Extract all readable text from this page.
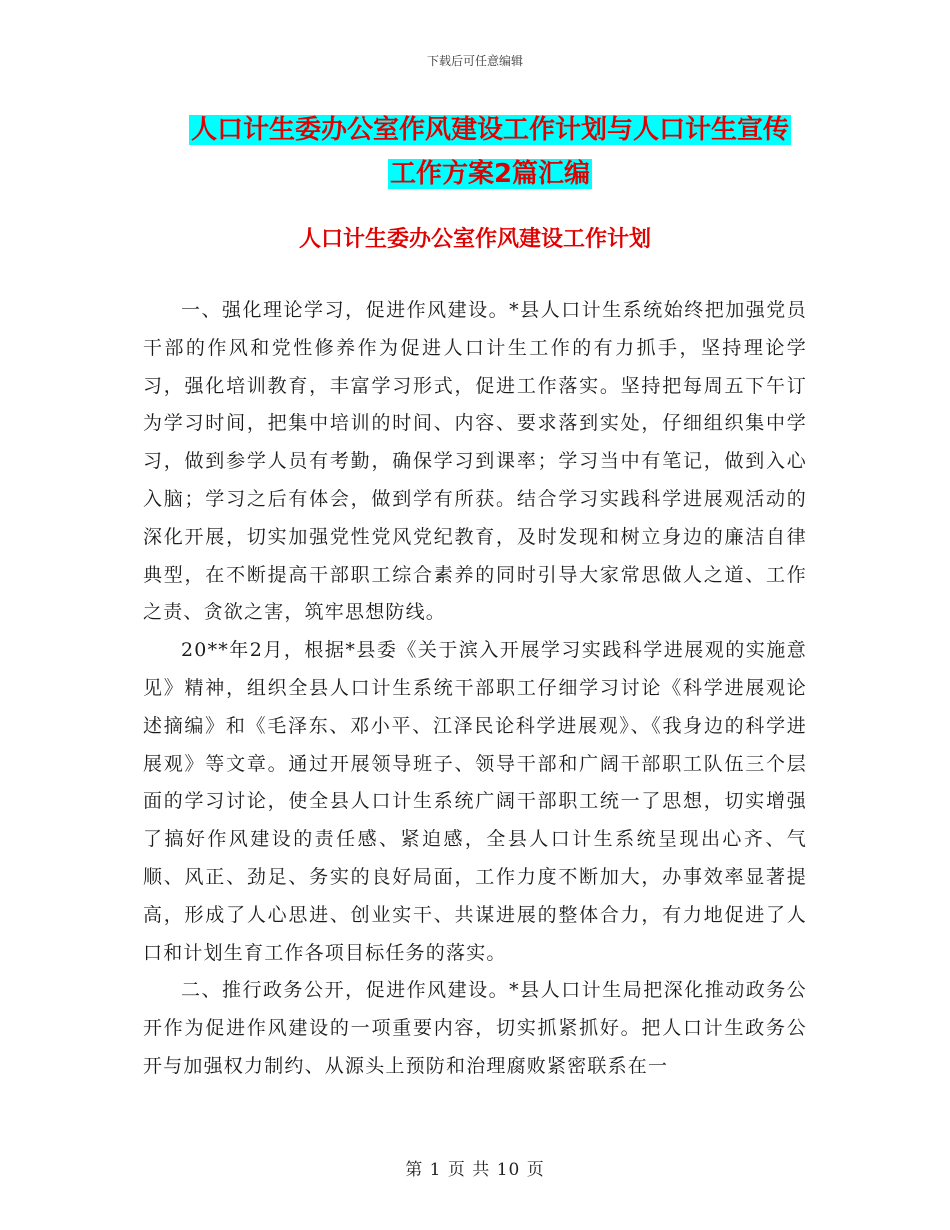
下载后可任意编辑
人口计生委办公室作风建设工作计划与人口计生宣传
工作方案2篇汇编
人口计生委办公室作风建设工作计划

一、强化理论学习，促进作风建设。*县人口计生系统始终把加强党员干部的作风和党性修养作为促进人口计生工作的有力抓手，坚持理论学习，强化培训教育，丰富学习形式，促进工作落实。坚持把每周五下午订为学习时间，把集中培训的时间、内容、要求落到实处，仔细组织集中学习，做到参学人员有考勤，确保学习到课率；学习当中有笔记，做到入心入脑；学习之后有体会，做到学有所获。结合学习实践科学进展观活动的深化开展，切实加强党性党风党纪教育，及时发现和树立身边的廉洁自律典型，在不断提高干部职工综合素养的同时引导大家常思做人之道、工作之责、贪欲之害，筑牢思想防线。

20**年2月，根据*县委《关于滨入开展学习实践科学进展观的实施意见》精神，组织全县人口计生系统干部职工仔细学习讨论《科学进展观论述摘编》和《毛泽东、邓小平、江泽民论科学进展观》、《我身边的科学进展观》等文章。通过开展领导班子、领导干部和广阔干部职工队伍三个层面的学习讨论，使全县人口计生系统广阔干部职工统一了思想，切实增强了搞好作风建设的责任感、紧迫感，全县人口计生系统呈现出心齐、气顺、风正、劲足、务实的良好局面，工作力度不断加大，办事效率显著提高，形成了人心思进、创业实干、共谋进展的整体合力，有力地促进了人口和计划生育工作各项目标任务的落实。

二、推行政务公开，促进作风建设。*县人口计生局把深化推动政务公开作为促进作风建设的一项重要内容，切实抓紧抓好。把人口计生政务公开与加强权力制约、从源头上预防和治理腐败紧密联系在一

第 1 页 共 10 页
